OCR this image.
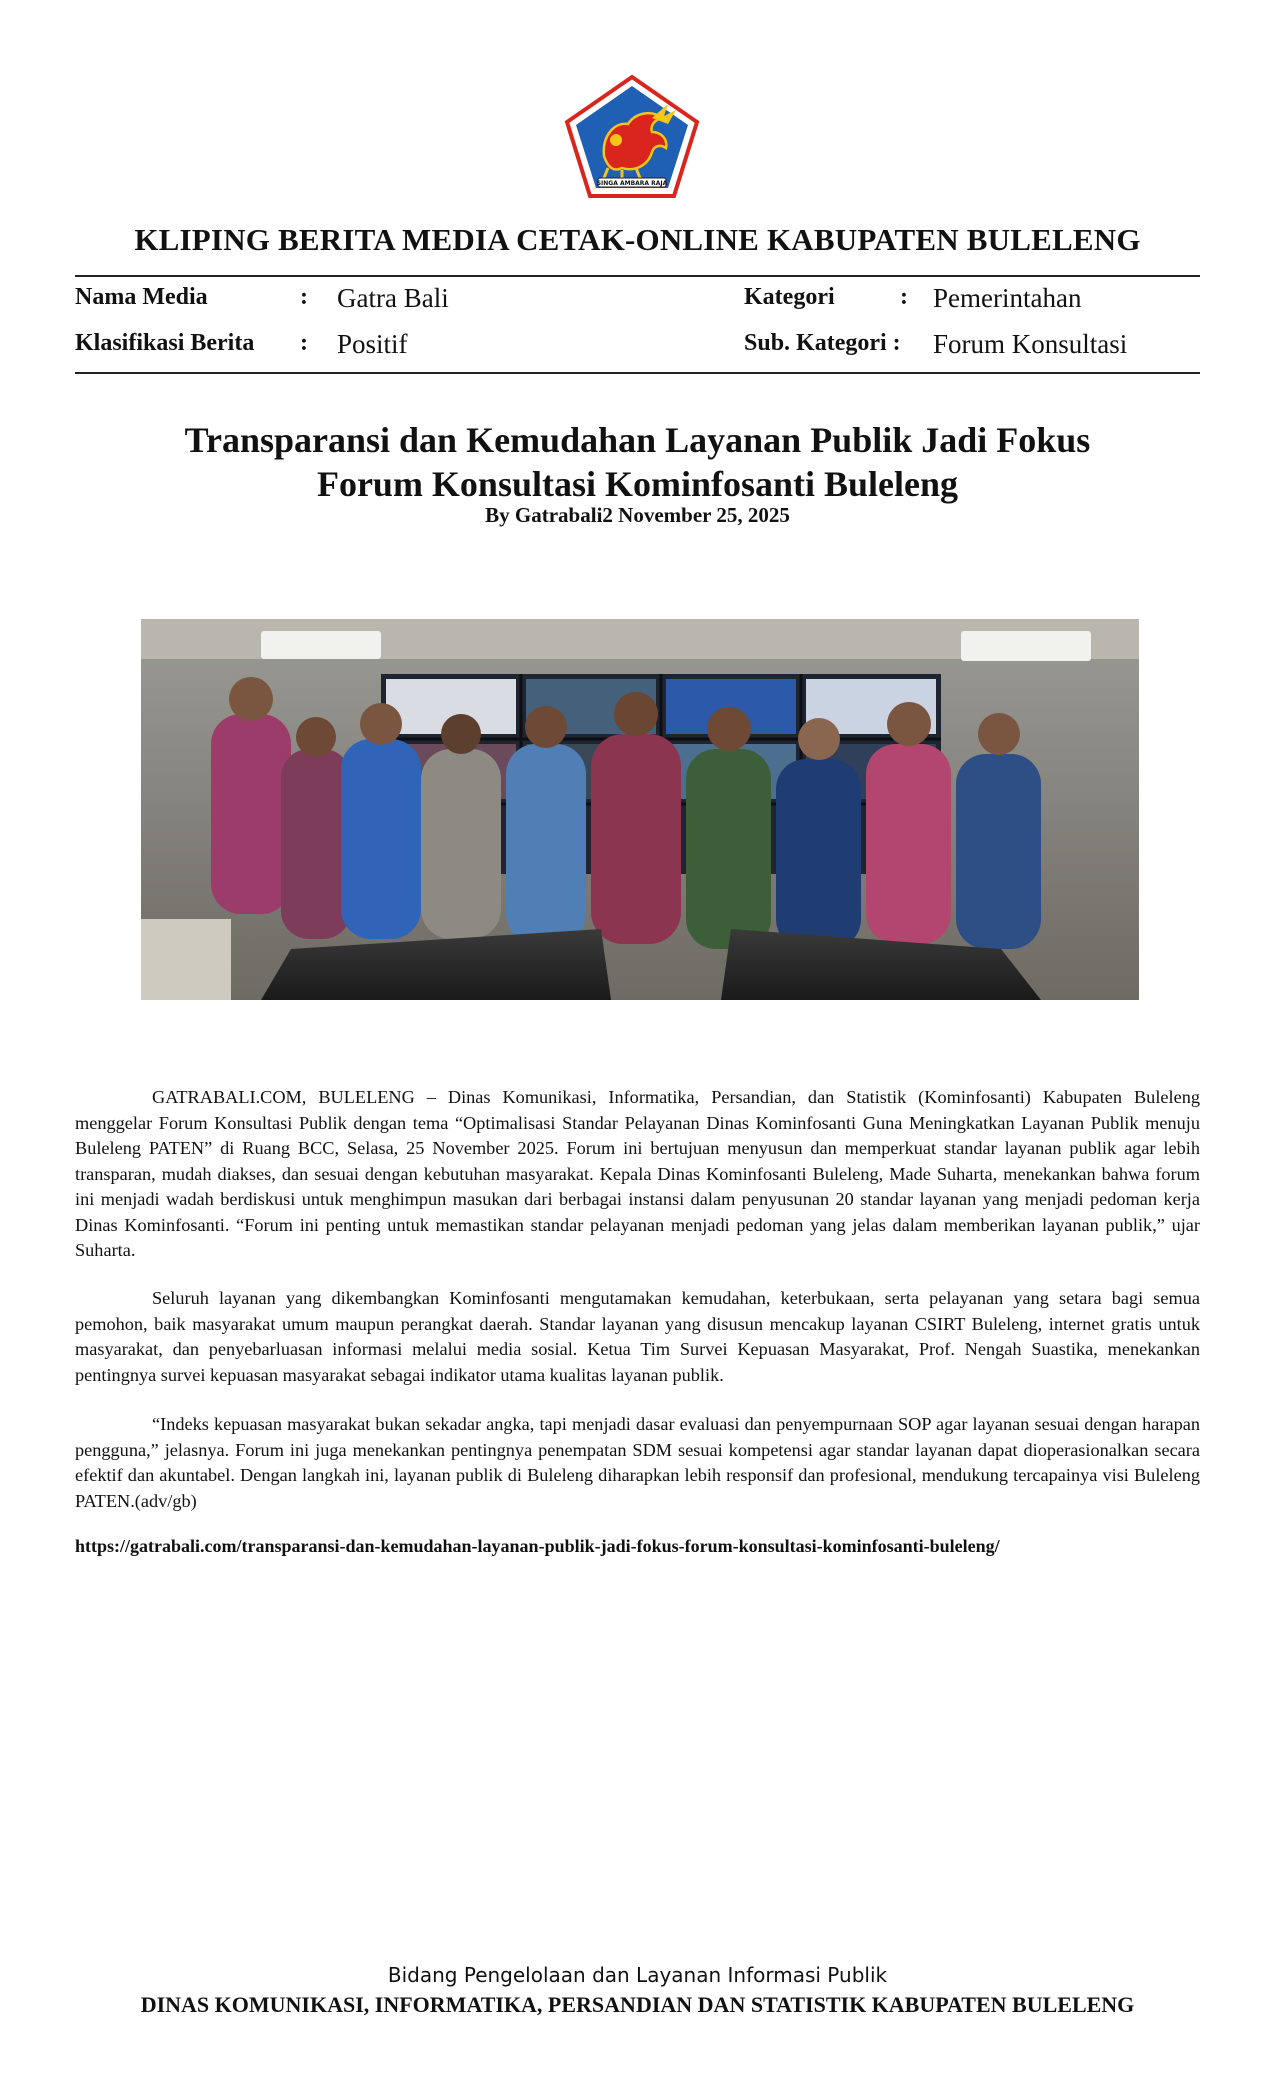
SINGA AMBARA RAJA
KLIPING BERITA MEDIA CETAK-ONLINE KABUPATEN BULELENG
Nama Media	: Gatra Bali	Kategori	: Pemerintahan
Klasifikasi Berita : Positif	Sub. Kategori : Forum Konsultasi
Transparansi dan Kemudahan Layanan Publik Jadi Fokus
Forum Konsultasi Kominfosanti Buleleng
By Gatrabali2 November 25, 2025

GATRABALI.COM, BULELENG – Dinas Komunikasi, Informatika, Persandian, dan Statistik (Kominfosanti) Kabupaten Buleleng menggelar Forum Konsultasi Publik dengan tema “Optimalisasi Standar Pelayanan Dinas Kominfosanti Guna Meningkatkan Layanan Publik menuju Buleleng PATEN” di Ruang BCC, Selasa, 25 November 2025. Forum ini bertujuan menyusun dan memperkuat standar layanan publik agar lebih transparan, mudah diakses, dan sesuai dengan kebutuhan masyarakat. Kepala Dinas Kominfosanti Buleleng, Made Suharta, menekankan bahwa forum ini menjadi wadah berdiskusi untuk menghimpun masukan dari berbagai instansi dalam penyusunan 20 standar layanan yang menjadi pedoman kerja Dinas Kominfosanti. “Forum ini penting untuk memastikan standar pelayanan menjadi pedoman yang jelas dalam memberikan layanan publik,” ujar Suharta.

Seluruh layanan yang dikembangkan Kominfosanti mengutamakan kemudahan, keterbukaan, serta pelayanan yang setara bagi semua pemohon, baik masyarakat umum maupun perangkat daerah. Standar layanan yang disusun mencakup layanan CSIRT Buleleng, internet gratis untuk masyarakat, dan penyebarluasan informasi melalui media sosial. Ketua Tim Survei Kepuasan Masyarakat, Prof. Nengah Suastika, menekankan pentingnya survei kepuasan masyarakat sebagai indikator utama kualitas layanan publik.

“Indeks kepuasan masyarakat bukan sekadar angka, tapi menjadi dasar evaluasi dan penyempurnaan SOP agar layanan sesuai dengan harapan pengguna,” jelasnya. Forum ini juga menekankan pentingnya penempatan SDM sesuai kompetensi agar standar layanan dapat dioperasionalkan secara efektif dan akuntabel. Dengan langkah ini, layanan publik di Buleleng diharapkan lebih responsif dan profesional, mendukung tercapainya visi Buleleng PATEN.(adv/gb)

https://gatrabali.com/transparansi-dan-kemudahan-layanan-publik-jadi-fokus-forum-konsultasi-kominfosanti-buleleng/
Bidang Pengelolaan dan Layanan Informasi Publik
DINAS KOMUNIKASI, INFORMATIKA, PERSANDIAN DAN STATISTIK KABUPATEN BULELENG
